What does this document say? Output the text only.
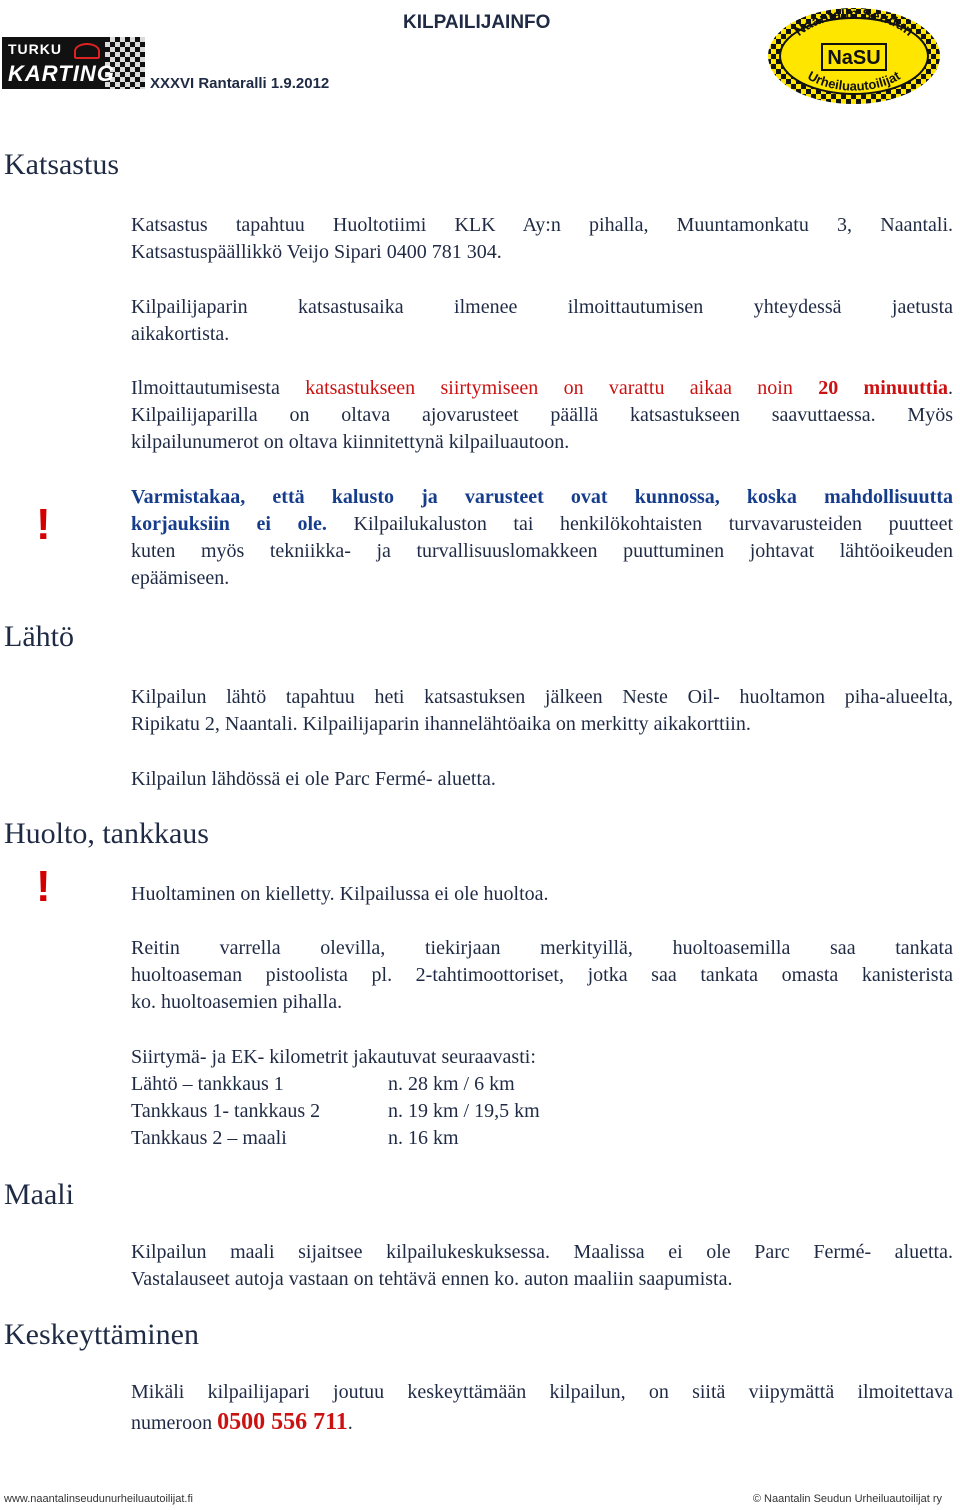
KILPAILIJAINFO
TURKU
KARTING XXXVI Rantaralli 1.9.2012
Naantalin Seudun
Urheiluautoilijat
NaSU
Katsastus
Katsastus tapahtuu Huoltotiimi KLK Ay:n pihalla, Muuntamonkatu 3, Naantali.
Katsastuspäällikkö Veijo Sipari 0400 781 304.
Kilpailijaparin katsastusaika ilmenee ilmoittautumisen yhteydessä jaetusta
aikakortista.
Ilmoittautumisesta katsastukseen siirtymiseen on varattu aikaa noin 20 minuuttia.
Kilpailijaparilla on oltava ajovarusteet päällä katsastukseen saavuttaessa. Myös
kilpailunumerot on oltava kiinnitettynä kilpailuautoon.
!
Varmistakaa, että kalusto ja varusteet ovat kunnossa, koska mahdollisuutta
korjauksiin ei ole. Kilpailukaluston tai henkilökohtaisten turvavarusteiden puutteet
kuten myös tekniikka- ja turvallisuuslomakkeen puuttuminen johtavat lähtöoikeuden
epäämiseen.
Lähtö
Kilpailun lähtö tapahtuu heti katsastuksen jälkeen Neste Oil- huoltamon piha-alueelta,
Ripikatu 2, Naantali. Kilpailijaparin ihannelähtöaika on merkitty aikakorttiin.
Kilpailun lähdössä ei ole Parc Fermé- aluetta.
Huolto, tankkaus
!	Huoltaminen on kielletty. Kilpailussa ei ole huoltoa.
Reitin varrella olevilla, tiekirjaan merkityillä, huoltoasemilla saa tankata
huoltoaseman pistoolista pl. 2-tahtimoottoriset, jotka saa tankata omasta kanisterista
ko. huoltoasemien pihalla.
Siirtymä- ja EK- kilometrit jakautuvat seuraavasti:
Lähtö – tankkaus 1	n. 28 km / 6 km
Tankkaus 1- tankkaus 2	n. 19 km / 19,5 km
Tankkaus 2 – maali	n. 16 km
Maali
Kilpailun maali sijaitsee kilpailukeskuksessa. Maalissa ei ole Parc Fermé- aluetta.
Vastalauseet autoja vastaan on tehtävä ennen ko. auton maaliin saapumista.
Keskeyttäminen
Mikäli kilpailijapari joutuu keskeyttämään kilpailun, on siitä viipymättä ilmoitettava
numeroon 0500 556 711.
www.naantalinseudunurheiluautoilijat.fi	© Naantalin Seudun Urheiluautoilijat ry
